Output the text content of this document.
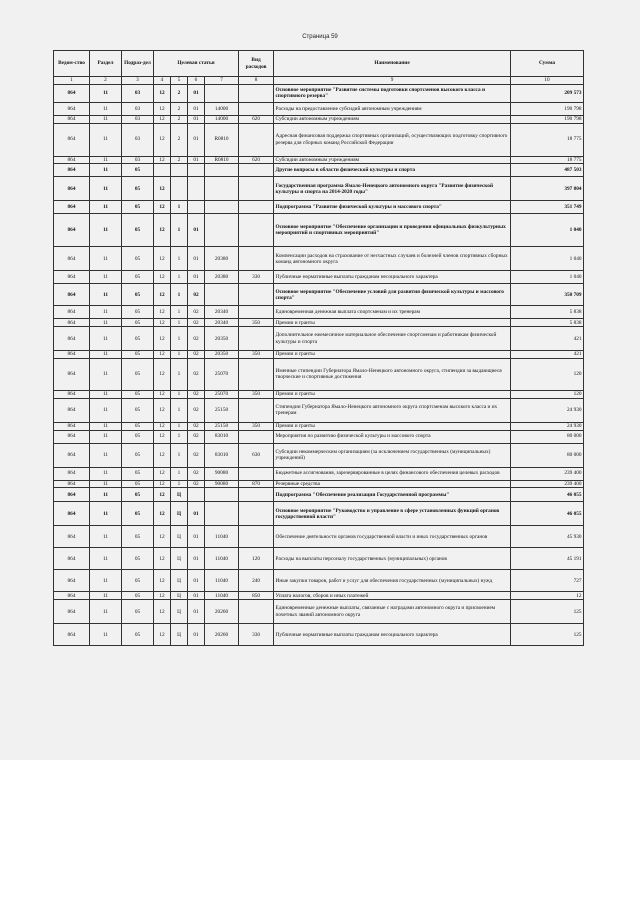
Страница 59
Ведом-ство	Раздел	Подраз-дел	Целевая статья				Вид расходов	Наименование	Сумма
1	2	3	4	5	6	7	8	9	10
864	11	03	12	2	01			Основное мероприятие "Развитие системы подготовки спортсменов высокого класса и спортивного резерва"	209 573
864	11	03	12	2	01	14000		Расходы на предоставление субсидий автономным учреждениям	190 798
864	11	03	12	2	01	14000	620	Субсидии автономным учреждениям	190 798
864	11	03	12	2	01	R0810		Адресная финансовая поддержка спортивных организаций, осуществляющих подготовку спортивного резерва для сборных команд Российской Федерации	18 775
864	11	03	12	2	01	R0810	620	Субсидии автономным учреждениям	18 775
864	11	05						Другие вопросы в области физической культуры и спорта	487 503
864	11	05	12					Государственная программа Ямало-Ненецкого автономного округа "Развитие физической культуры и спорта на 2014-2020 годы"	397 804
864	11	05	12	1				Подпрограмма "Развитие физической культуры и массового спорта"	351 749
864	11	05	12	1	01			Основное мероприятие "Обеспечение организации и проведения официальных физкультурных мероприятий и спортивных мероприятий"	1 040
864	11	05	12	1	01	20380		Компенсации расходов на страхование от несчастных случаев и болезней членов спортивных сборных команд автономного округа	1 040
864	11	05	12	1	01	20380	330	Публичные нормативные выплаты гражданам несоциального характера	1 040
864	11	05	12	1	02			Основное мероприятие "Обеспечение условий для развития физической культуры и массового спорта"	350 709
864	11	05	12	1	02	20340		Единовременная денежная выплата спортсменам и их тренерам	5 838
864	11	05	12	1	02	20340	350	Премии и гранты	5 838
864	11	05	12	1	02	20350		Дополнительное ежемесячное материальное обеспечение спортсменам и работникам физической культуры и спорта	421
864	11	05	12	1	02	20350	350	Премии и гранты	421
864	11	05	12	1	02	25070		Именные стипендии Губернатора Ямало-Ненецкого автономного округа, стипендии за выдающиеся творческие и спортивные достижения	120
864	11	05	12	1	02	25070	350	Премии и гранты	120
864	11	05	12	1	02	25150		Стипендии Губернатора Ямало-Ненецкого автономного округа спортсменам высокого класса и их тренерам	24 930
864	11	05	12	1	02	25150	350	Премии и гранты	24 930
864	11	05	12	1	02	83010		Мероприятия по развитию физической культуры и массового спорта	80 000
864	11	05	12	1	02	83010	630	Субсидии некоммерческим организациям (за исключением государственных (муниципальных) учреждений)	80 000
864	11	05	12	1	02	90080		Бюджетные ассигнования, зарезервированные в целях финансового обеспечения целевых расходов	239 400
864	11	05	12	1	02	90080	870	Резервные средства	239 400
864	11	05	12	Ц				Подпрограмма "Обеспечение реализации Государственной программы"	46 055
864	11	05	12	Ц	01			Основное мероприятие "Руководство и управление в сфере установленных функций органов государственной власти"	46 055
864	11	05	12	Ц	01	11040		Обеспечение деятельности органов государственной власти и иных государственных органов	45 930
864	11	05	12	Ц	01	11040	120	Расходы на выплаты персоналу государственных (муниципальных) органов	45 191
864	11	05	12	Ц	01	11040	240	Иные закупки товаров, работ и услуг для обеспечения государственных (муниципальных) нужд	727
864	11	05	12	Ц	01	11040	850	Уплата налогов, сборов и иных платежей	12
864	11	05	12	Ц	01	20260		Единовременные денежные выплаты, связанные с наградами автономного округа и присвоением почетных званий автономного округа	125
864	11	05	12	Ц	01	20260	330	Публичные нормативные выплаты гражданам несоциального характера	125
